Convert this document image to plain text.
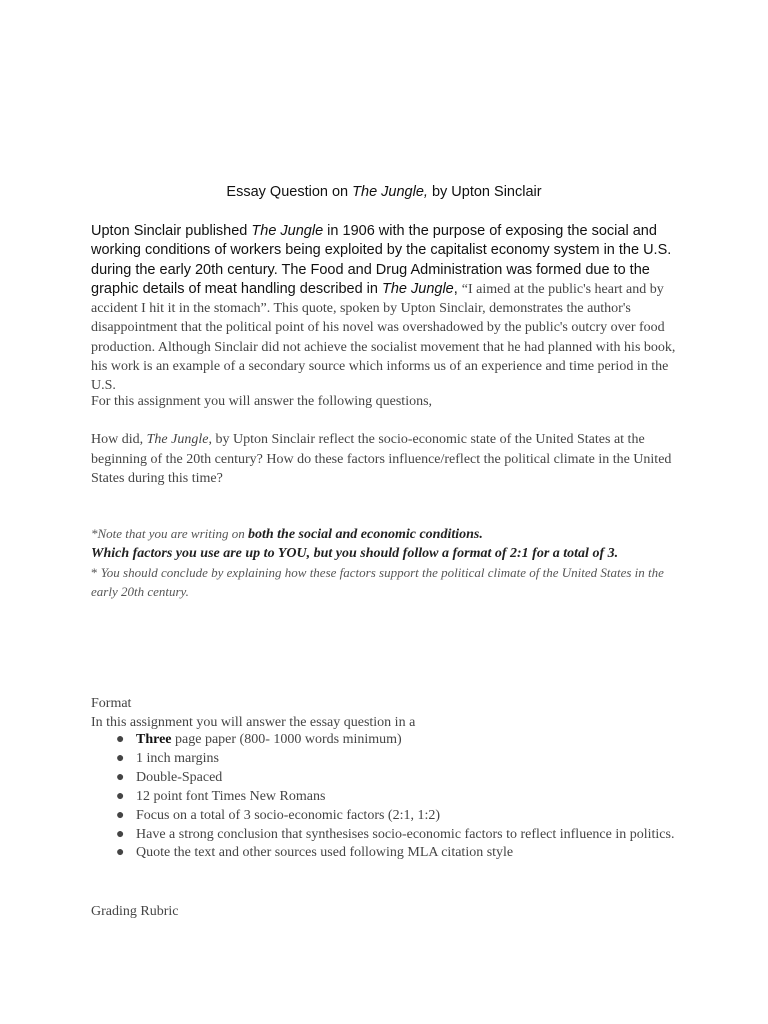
Essay Question on The Jungle, by Upton Sinclair
Upton Sinclair published The Jungle in 1906 with the purpose of exposing the social and working conditions of workers being exploited by the capitalist economy system in the U.S. during the early 20th century. The Food and Drug Administration was formed due to the graphic details of meat handling described in The Jungle, “I aimed at the public's heart and by accident I hit it in the stomach”. This quote, spoken by Upton Sinclair, demonstrates the author's disappointment that the political point of his novel was overshadowed by the public's outcry over food production. Although Sinclair did not achieve the socialist movement that he had planned with his book, his work is an example of a secondary source which informs us of an experience and time period in the U.S.
For this assignment you will answer the following questions,
How did, The Jungle, by Upton Sinclair reflect the socio-economic state of the United States at the beginning of the 20th century? How do these factors influence/reflect the political climate in the United States during this time?
*Note that you are writing on both the social and economic conditions.
Which factors you use are up to YOU, but you should follow a format of 2:1 for a total of 3.
* You should conclude by explaining how these factors support the political climate of the United States in the early 20th century.
Format
In this assignment you will answer the essay question in a
● Three page paper (800- 1000 words minimum)
● 1 inch margins
● Double-Spaced
● 12 point font Times New Romans
● Focus on a total of 3 socio-economic factors (2:1, 1:2)
● Have a strong conclusion that synthesises socio-economic factors to reflect influence in politics.
● Quote the text and other sources used following MLA citation style
Grading Rubric
